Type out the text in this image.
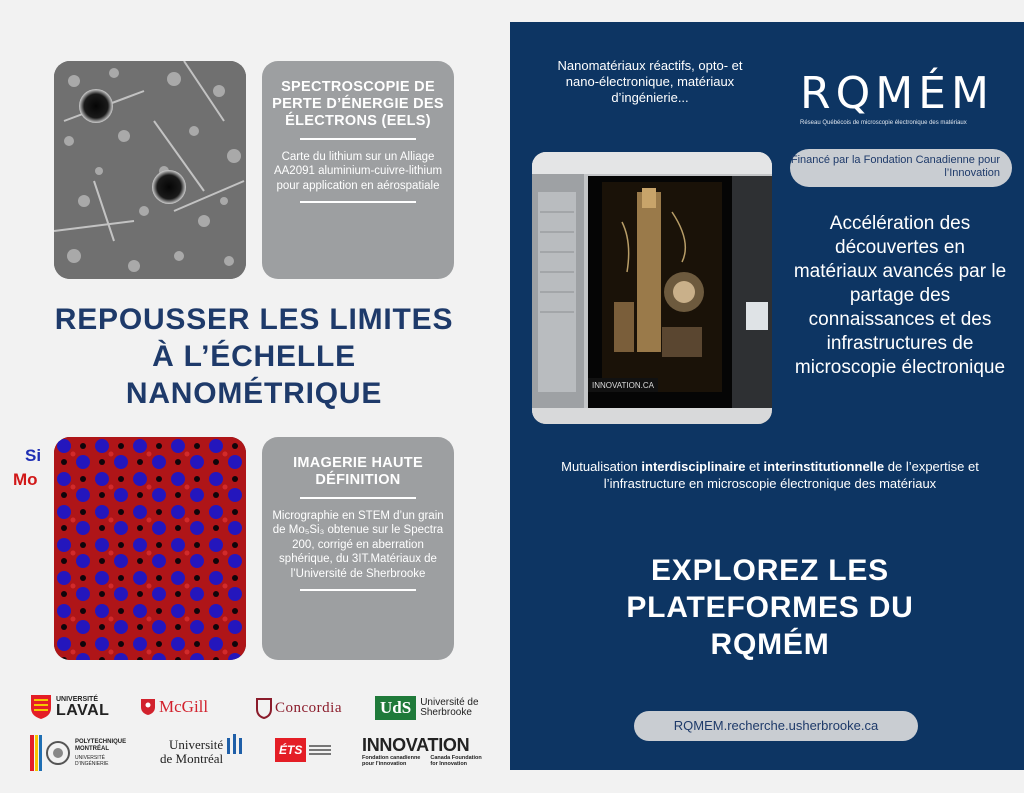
SPECTROSCOPIE DE PERTE D’ÉNERGIE DES ÉLECTRONS (EELS)
Carte du lithium sur un Alliage AA2091 aluminium-cuivre-lithium pour application en aérospatiale
REPOUSSER LES LIMITES À L’ÉCHELLE NANOMÉTRIQUE
Si
Mo
IMAGERIE HAUTE DÉFINITION
Micrographie en STEM d’un grain de Mo₅Si₃ obtenue sur le Spectra 200, corrigé en aberration sphérique, du 3IT.Matériaux de l’Université de Sherbrooke
UNIVERSITÉ
LAVAL	McGill	Concordia UdS Université de
Sherbrooke
POLYTECHNIQUE
MONTRÉAL
UNIVERSITÉ
D'INGÉNIERIE
Université
de Montréal
ÉTS	INNOVATION
Fondation canadienne
pour l'innovation
Canada Foundation
for Innovation
Nanomatériaux réactifs, opto- et nano-électronique, matériaux d’ingénierie...	RQMÉM
Réseau Québécois de microscopie électronique des matériaux
INNOVATION.CA
Financé par la Fondation Canadienne pour l’Innovation
Accélération des découvertes en matériaux avancés par le partage des connaissances et des infrastructures de microscopie électronique
Mutualisation interdisciplinaire et interinstitutionnelle de l’expertise et l’infrastructure en microscopie électronique des matériaux
EXPLOREZ LES PLATEFORMES DU RQMÉM
RQMEM.recherche.usherbrooke.ca
